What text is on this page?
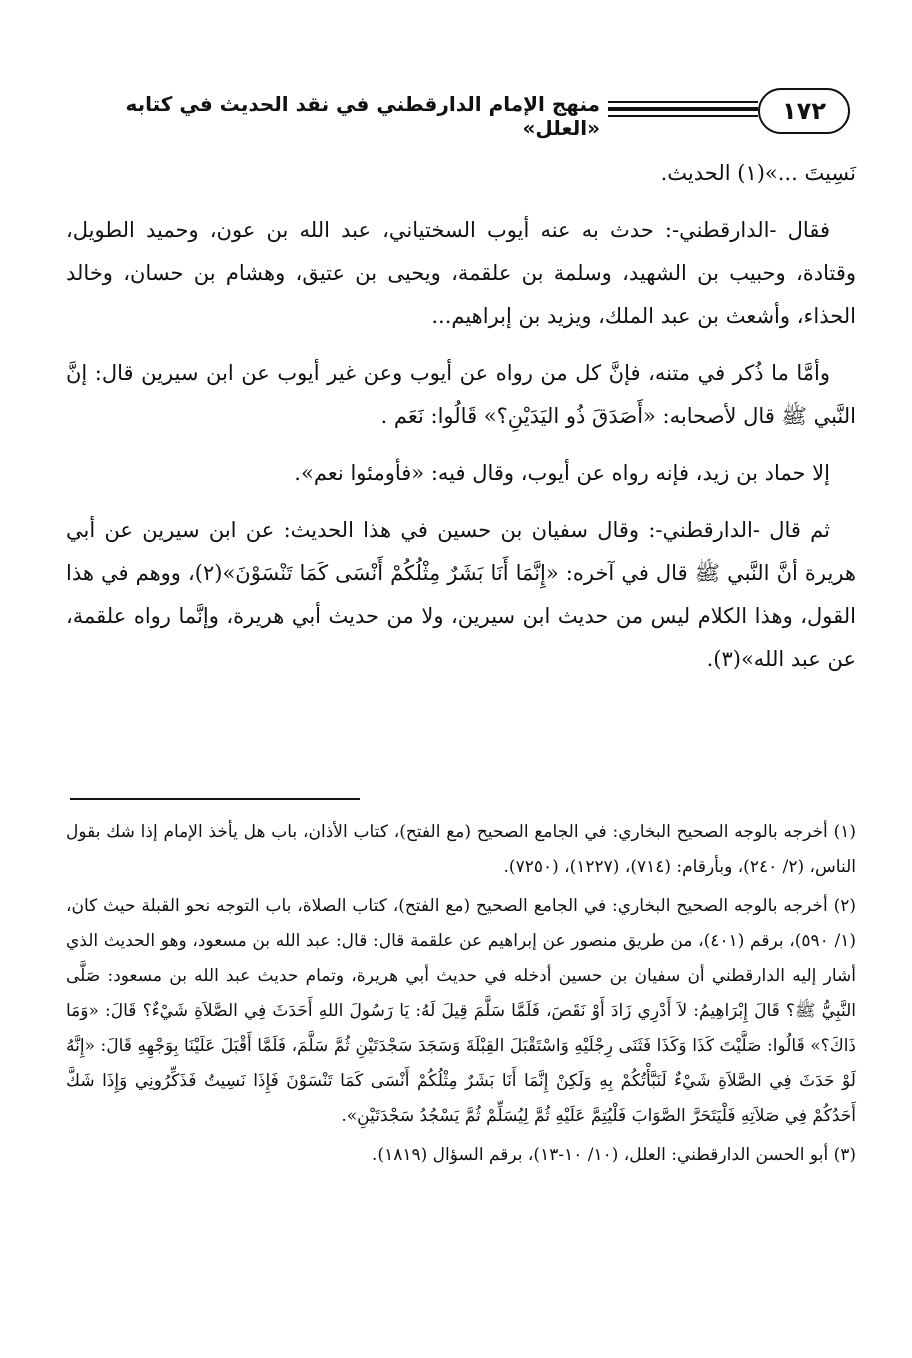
١٧٢
منهج الإمام الدارقطني في نقد الحديث في كتابه «العلل»

نَسِيتَ ...»(١) الحديث.

فقال -الدارقطني-: حدث به عنه أيوب السختياني، عبد الله بن عون، وحميد الطويل، وقتادة، وحبيب بن الشهيد، وسلمة بن علقمة، ويحيى بن عتيق، وهشام بن حسان، وخالد الحذاء، وأشعث بن عبد الملك، ويزيد بن إبراهيم...

وأمَّا ما ذُكر في متنه، فإنَّ كل من رواه عن أيوب وعن غير أيوب عن ابن سيرين قال: إنَّ النَّبي ﷺ قال لأصحابه: «أَصَدَقَ ذُو اليَدَيْنِ؟» قَالُوا: نَعَم .

إلا حماد بن زيد، فإنه رواه عن أيوب، وقال فيه: «فأومئوا نعم».

ثم قال -الدارقطني-: وقال سفيان بن حسين في هذا الحديث: عن ابن سيرين عن أبي هريرة أنَّ النَّبي ﷺ قال في آخره: «إِنَّمَا أَنَا بَشَرٌ مِثْلُكُمْ أَنْسَى كَمَا تَنْسَوْنَ»(٢)، ووهم في هذا القول، وهذا الكلام ليس من حديث ابن سيرين، ولا من حديث أبي هريرة، وإنَّما رواه علقمة، عن عبد الله»(٣).

(١) أخرجه بالوجه الصحيح البخاري: في الجامع الصحيح (مع الفتح)، كتاب الأذان، باب هل يأخذ الإمام إذا شك بقول الناس، (٢/ ٢٤٠)، وبأرقام: (٧١٤)، (١٢٢٧)، (٧٢٥٠).

(٢) أخرجه بالوجه الصحيح البخاري: في الجامع الصحيح (مع الفتح)، كتاب الصلاة، باب التوجه نحو القبلة حيث كان، (١/ ٥٩٠)، برقم (٤٠١)، من طريق منصور عن إبراهيم عن علقمة قال: قال: عبد الله بن مسعود، وهو الحديث الذي أشار إليه الدارقطني أن سفيان بن حسين أدخله في حديث أبي هريرة، وتمام حديث عبد الله بن مسعود: صَلَّى النَّبِيُّ ﷺ؟ قَالَ إِبْرَاهِيمُ: لاَ أَدْرِي زَادَ أَوْ نَقَصَ، فَلَمَّا سَلَّمَ قِيلَ لَهُ: يَا رَسُولَ اللهِ أَحَدَثَ فِي الصَّلاَةِ شَيْءٌ؟ قَالَ: «وَمَا ذَاكَ؟» قَالُوا: صَلَّيْتَ كَذَا وَكَذَا فَثَنَى رِجْلَيْهِ وَاسْتَقْبَلَ القِبْلَةَ وَسَجَدَ سَجْدَتَيْنِ ثُمَّ سَلَّمَ، فَلَمَّا أَقْبَلَ عَلَيْنَا بِوَجْهِهِ قَالَ: «إِنَّهُ لَوْ حَدَثَ فِي الصَّلاَةِ شَيْءٌ لَنَبَّأْتُكُمْ بِهِ وَلَكِنْ إِنَّمَا أَنَا بَشَرٌ مِثْلُكُمْ أَنْسَى كَمَا تَنْسَوْنَ فَإِذَا نَسِيتُ فَذَكِّرُونِي وَإِذَا شَكَّ أَحَدُكُمْ فِي صَلاَتِهِ فَلْيَتَحَرَّ الصَّوَابَ فَلْيُتِمَّ عَلَيْهِ ثُمَّ لِيُسَلِّمْ ثُمَّ يَسْجُدُ سَجْدَتَيْنِ».

(٣) أبو الحسن الدارقطني: العلل، (١٠/ ١٠-١٣)، برقم السؤال (١٨١٩).
